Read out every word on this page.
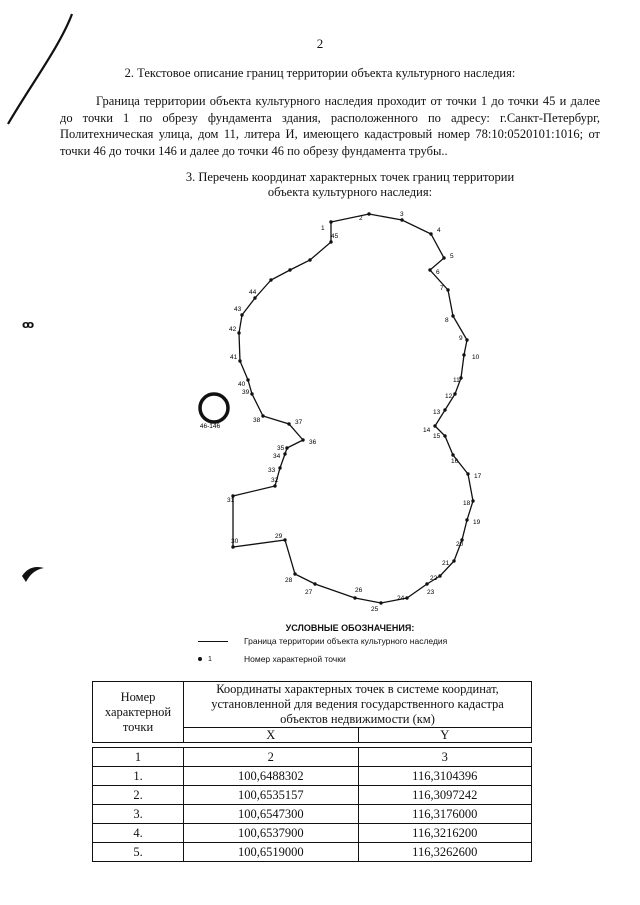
ꝏ
2
2. Текстовое описание границ территории объекта культурного наследия:
Граница территории объекта культурного наследия проходит от точки 1 до точки 45 и далее до точки 1 по обрезу фундамента здания, расположенного по адресу: г.Санкт-Петербург, Политехническая улица, дом 11, литера И, имеющего кадастровый номер 78:10:0520101:1016; от точки 46 до точки 146 и далее до точки 46 по обрезу фундамента трубы..
3. Перечень координат характерных точек границ территории
объекта культурного наследия:
45
1
2
3
4
5
6
7
8
9
10
11
12
13
14
15
16
17
18
19
20
21
22
23
24
25
26
27
28
29
30
31
32
33
34
35
36
37
38
39
40
41
42
43
44
46-146
УСЛОВНЫЕ ОБОЗНАЧЕНИЯ:
Граница территории объекта культурного наследия
1	Номер характерной точки
Номер характерной точки	Координаты характерных точек в системе координат, установленной для ведения государственного кадастра объектов недвижимости (км)	
	X	Y

1	2	3
1.	100,6488302	116,3104396
2.	100,6535157	116,3097242
3.	100,6547300	116,3176000
4.	100,6537900	116,3216200
5.	100,6519000	116,3262600
